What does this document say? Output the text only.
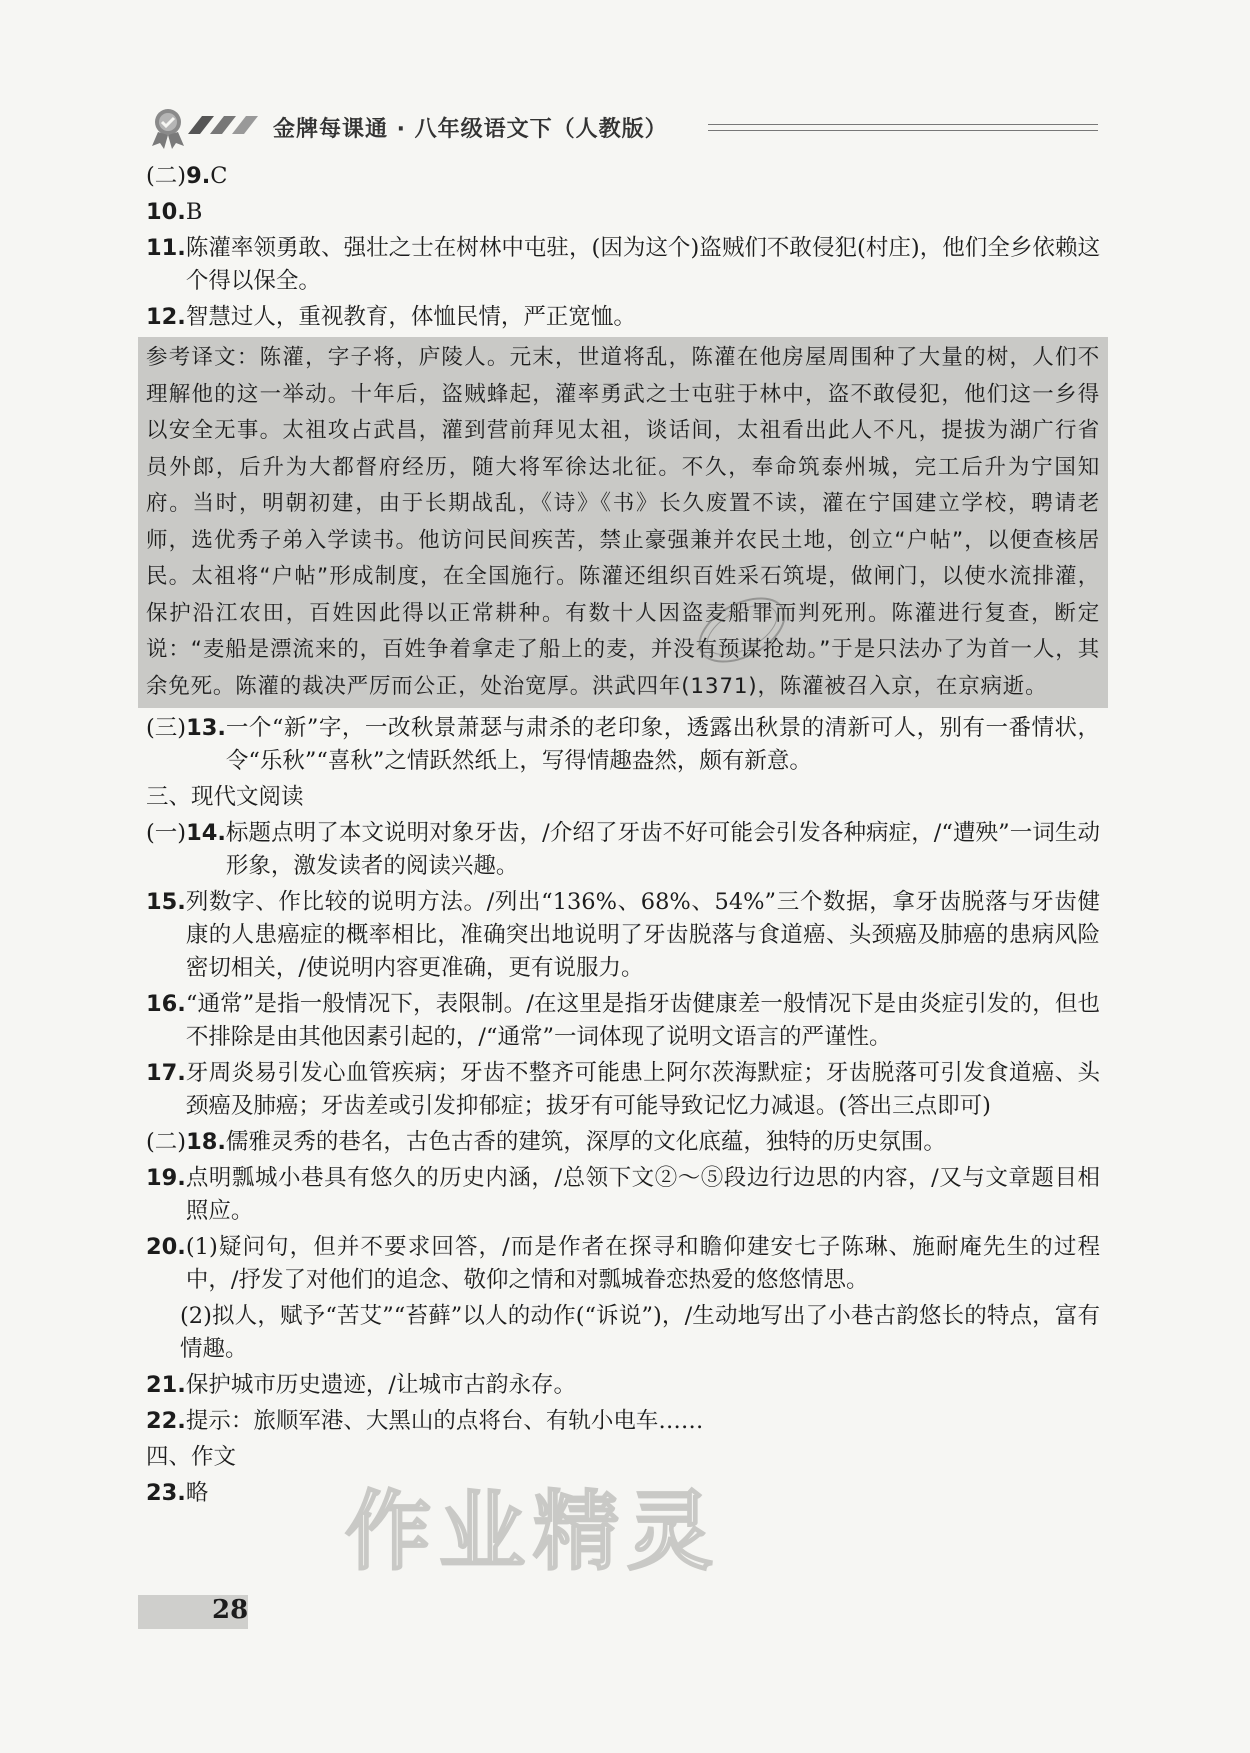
金牌每课通 · 八年级语文下（人教版）
(二) 9. C
10. B
11. 陈灌率领勇敢、强壮之士在树林中屯驻，(因为这个)盗贼们不敢侵犯(村庄)，他们全乡依赖这个得以保全。
12. 智慧过人，重视教育，体恤民情，严正宽恤。
参考译文：陈灌，字子将，庐陵人。元末，世道将乱，陈灌在他房屋周围种了大量的树，人们不理解他的这一举动。十年后，盗贼蜂起，灌率勇武之士屯驻于林中，盗不敢侵犯，他们这一乡得以安全无事。太祖攻占武昌，灌到营前拜见太祖，谈话间，太祖看出此人不凡，提拔为湖广行省员外郎，后升为大都督府经历，随大将军徐达北征。不久，奉命筑泰州城，完工后升为宁国知府。当时，明朝初建，由于长期战乱，《诗》《书》长久废置不读，灌在宁国建立学校，聘请老师，选优秀子弟入学读书。他访问民间疾苦，禁止豪强兼并农民土地，创立“户帖”，以便查核居民。太祖将“户帖”形成制度，在全国施行。陈灌还组织百姓采石筑堤，做闸门，以使水流排灌，保护沿江农田，百姓因此得以正常耕种。有数十人因盗麦船罪而判死刑。陈灌进行复查，断定说：“麦船是漂流来的，百姓争着拿走了船上的麦，并没有预谋抢劫。”于是只法办了为首一人，其余免死。陈灌的裁决严厉而公正，处治宽厚。洪武四年(1371)，陈灌被召入京，在京病逝。
(三) 13. 一个“新”字，一改秋景萧瑟与肃杀的老印象，透露出秋景的清新可人，别有一番情状，令“乐秋”“喜秋”之情跃然纸上，写得情趣盎然，颇有新意。
三、现代文阅读
(一) 14. 标题点明了本文说明对象牙齿，/介绍了牙齿不好可能会引发各种病症，/“遭殃”一词生动形象，激发读者的阅读兴趣。
15. 列数字、作比较的说明方法。/列出“136%、68%、54%”三个数据，拿牙齿脱落与牙齿健康的人患癌症的概率相比，准确突出地说明了牙齿脱落与食道癌、头颈癌及肺癌的患病风险密切相关，/使说明内容更准确，更有说服力。
16. “通常”是指一般情况下，表限制。/在这里是指牙齿健康差一般情况下是由炎症引发的，但也不排除是由其他因素引起的，/“通常”一词体现了说明文语言的严谨性。
17. 牙周炎易引发心血管疾病；牙齿不整齐可能患上阿尔茨海默症；牙齿脱落可引发食道癌、头颈癌及肺癌；牙齿差或引发抑郁症；拔牙有可能导致记忆力减退。(答出三点即可)
(二) 18. 儒雅灵秀的巷名，古色古香的建筑，深厚的文化底蕴，独特的历史氛围。
19. 点明瓢城小巷具有悠久的历史内涵，/总领下文②～⑤段边行边思的内容，/又与文章题目相照应。
20. (1)疑问句，但并不要求回答，/而是作者在探寻和瞻仰建安七子陈琳、施耐庵先生的过程中，/抒发了对他们的追念、敬仰之情和对瓢城眷恋热爱的悠悠情思。
(2)拟人，赋予“苦艾”“苔藓”以人的动作(“诉说”)，/生动地写出了小巷古韵悠长的特点，富有情趣。
21. 保护城市历史遗迹，/让城市古韵永存。
22. 提示：旅顺军港、大黑山的点将台、有轨小电车……
四、作文
23. 略	作业精灵
28
